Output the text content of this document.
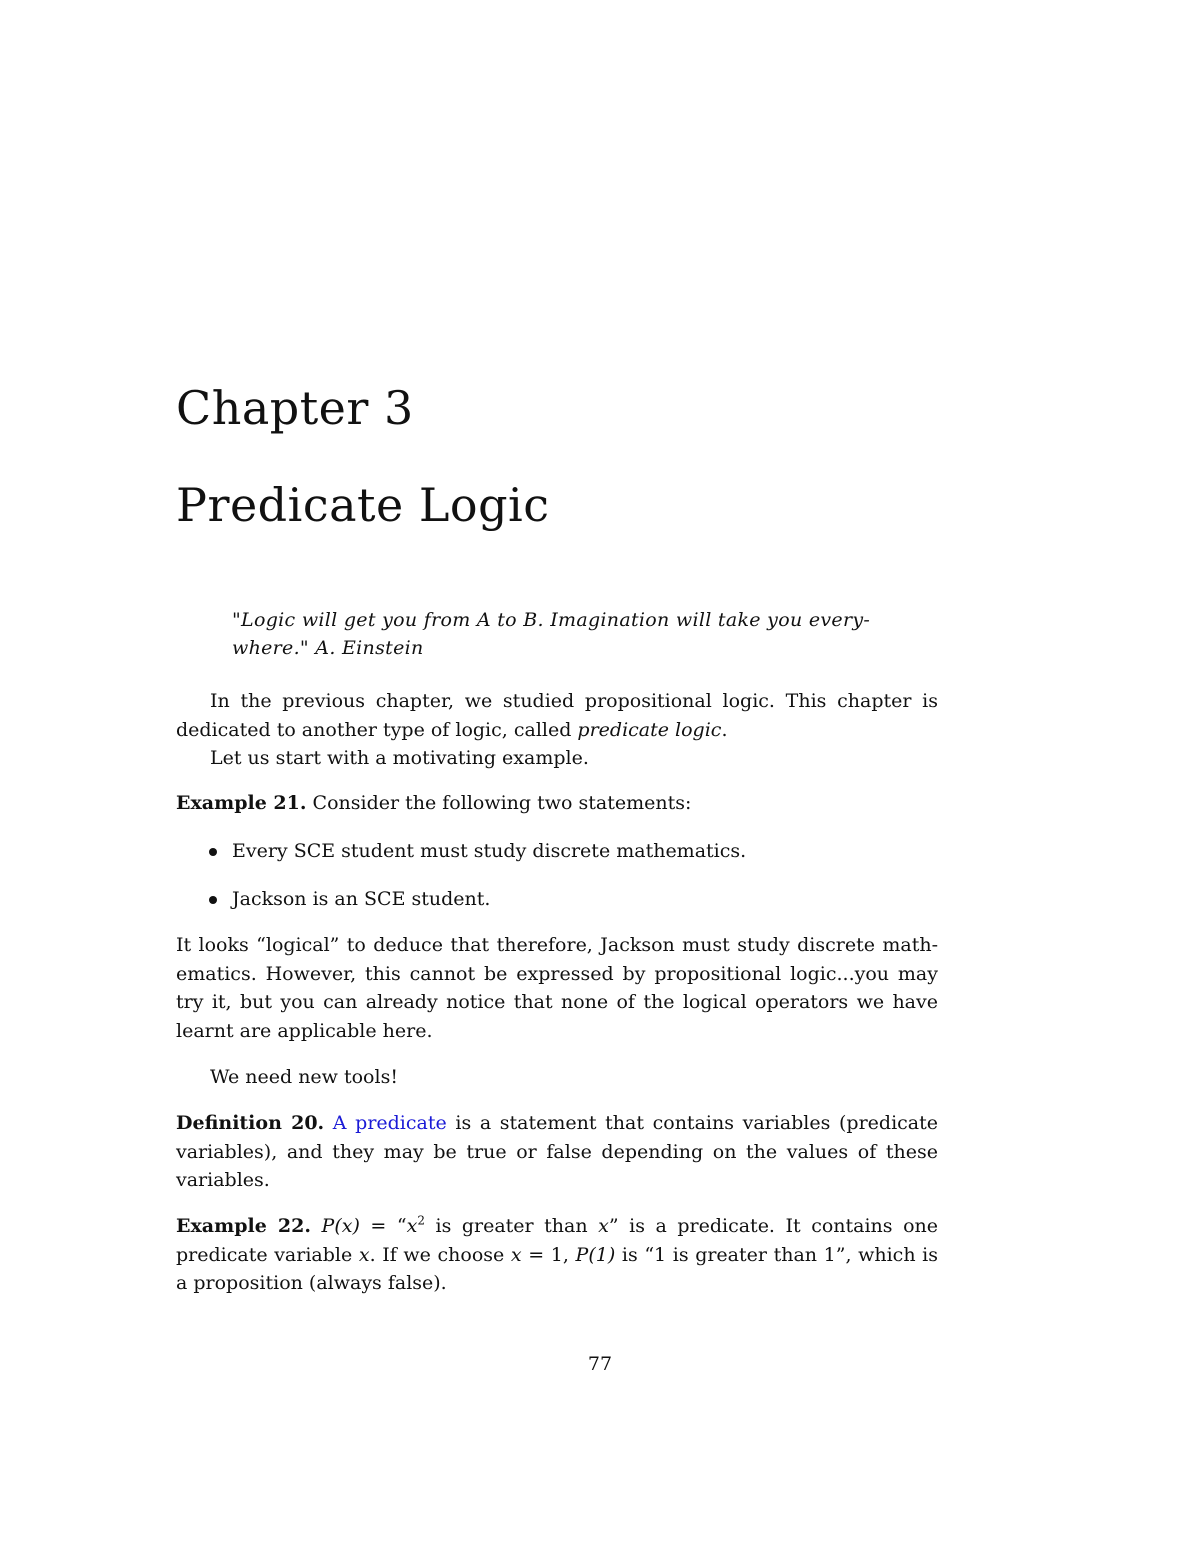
Chapter 3
Predicate Logic
"Logic will get you from A to B. Imagination will take you every-where." A. Einstein

In the previous chapter, we studied propositional logic. This chapter is dedicated to another type of logic, called predicate logic.

Let us start with a motivating example.

Example 21. Consider the following two statements:

Every SCE student must study discrete mathematics.
Jackson is an SCE student.

It looks “logical” to deduce that therefore, Jackson must study discrete math-ematics. However, this cannot be expressed by propositional logic...you may try it, but you can already notice that none of the logical operators we have learnt are applicable here.

We need new tools!

Definition 20. A predicate is a statement that contains variables (predicate variables), and they may be true or false depending on the values of these variables.

Example 22. $P(x) = “x^2$ is greater than x” is a predicate. It contains one predicate variable x. If we choose x = 1, P(1) is “1 is greater than 1”, which is a proposition (always false).

77
